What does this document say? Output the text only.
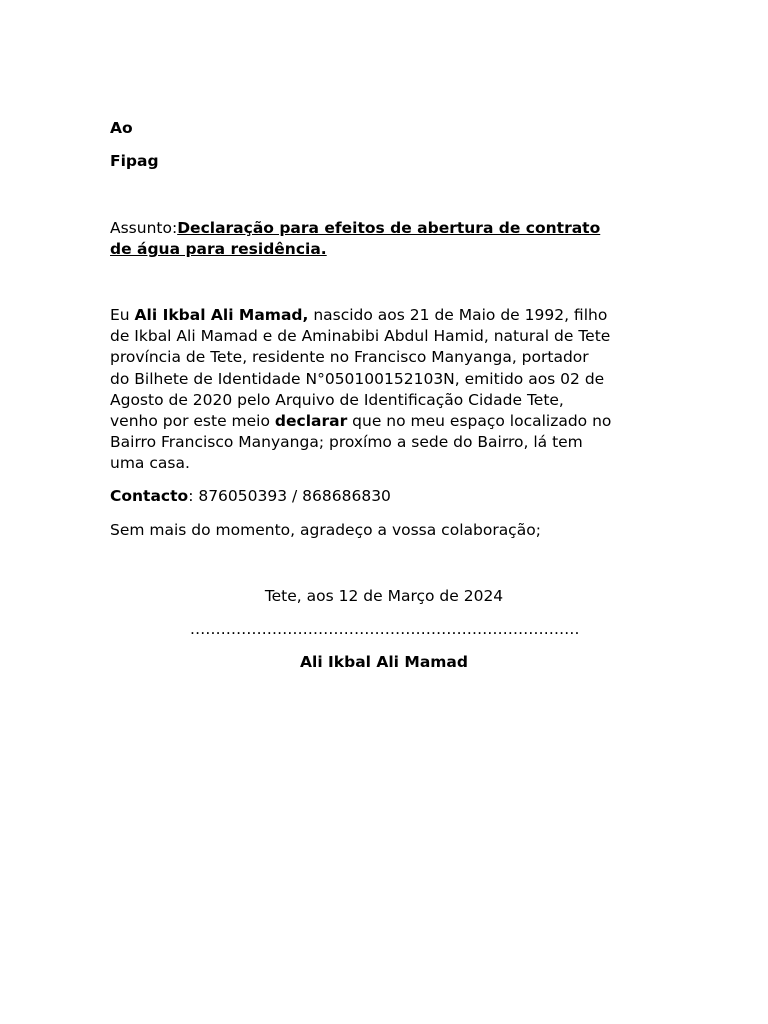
Ao
Fipag
Assunto:Declaração para efeitos de abertura de contrato
de água para residência.
Eu Ali Ikbal Ali Mamad, nascido aos 21 de Maio de 1992, filho
de Ikbal Ali Mamad e de Aminabibi Abdul Hamid, natural de Tete
província de Tete, residente no Francisco Manyanga, portador
do Bilhete de Identidade N°050100152103N, emitido aos 02 de
Agosto de 2020 pelo Arquivo de Identificação Cidade Tete,
venho por este meio declarar que no meu espaço localizado no
Bairro Francisco Manyanga; proxímo a sede do Bairro, lá tem
uma casa.
Contacto: 876050393 / 868686830
Sem mais do momento, agradeço a vossa colaboração;
Tete, aos 12 de Março de 2024
............................................................................
Ali Ikbal Ali Mamad
